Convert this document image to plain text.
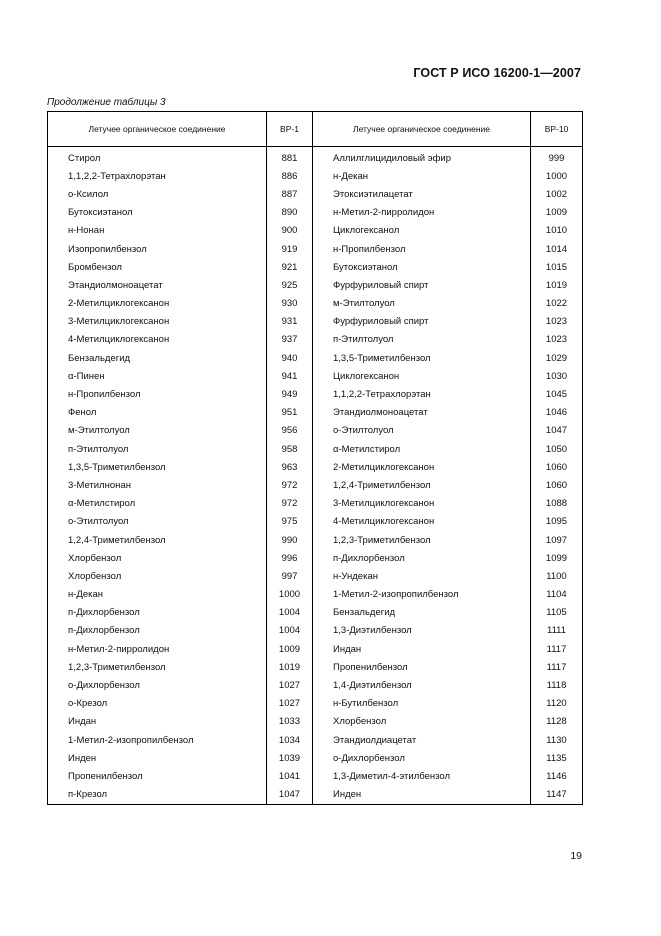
ГОСТ Р ИСО 16200-1—2007
Продолжение таблицы 3
Летучее органическое соединение	BP-1	Летучее органическое соединение	BP-10
Стирол	881	Аллилглицидиловый эфир	999
1,1,2,2-Тетрахлорэтан	886	н-Декан	1000
о-Ксилол	887	Этоксиэтилацетат	1002
Бутоксиэтанол	890	н-Метил-2-пирролидон	1009
н-Нонан	900	Циклогексанол	1010
Изопропилбензол	919	н-Пропилбензол	1014
Бромбензол	921	Бутоксиэтанол	1015
Этандиолмоноацетат	925	Фурфуриловый спирт	1019
2-Метилциклогексанон	930	м-Этилтолуол	1022
3-Метилциклогексанон	931	Фурфуриловый спирт	1023
4-Метилциклогексанон	937	п-Этилтолуол	1023
Бензальдегид	940	1,3,5-Триметилбензол	1029
α-Пинен	941	Циклогексанон	1030
н-Пропилбензол	949	1,1,2,2-Тетрахлорэтан	1045
Фенол	951	Этандиолмоноацетат	1046
м-Этилтолуол	956	о-Этилтолуол	1047
п-Этилтолуол	958	α-Метилстирол	1050
1,3,5-Триметилбензол	963	2-Метилциклогексанон	1060
3-Метилнонан	972	1,2,4-Триметилбензол	1060
α-Метилстирол	972	3-Метилциклогексанон	1088
о-Этилтолуол	975	4-Метилциклогексанон	1095
1,2,4-Триметилбензол	990	1,2,3-Триметилбензол	1097
Хлорбензол	996	п-Дихлорбензол	1099
Хлорбензол	997	н-Ундекан	1100
н-Декан	1000	1-Метил-2-изопропилбензол	1104
п-Дихлорбензол	1004	Бензальдегид	1105
п-Дихлорбензол	1004	1,3-Диэтилбензол	1111
н-Метил-2-пирролидон	1009	Индан	1117
1,2,3-Триметилбензол	1019	Пропенилбензол	1117
о-Дихлорбензол	1027	1,4-Диэтилбензол	1118
о-Крезол	1027	н-Бутилбензол	1120
Индан	1033	Хлорбензол	1128
1-Метил-2-изопропилбензол	1034	Этандиолдиацетат	1130
Инден	1039	о-Дихлорбензол	1135
Пропенилбензол	1041	1,3-Диметил-4-этилбензол	1146
п-Крезол	1047	Инден	1147
19
